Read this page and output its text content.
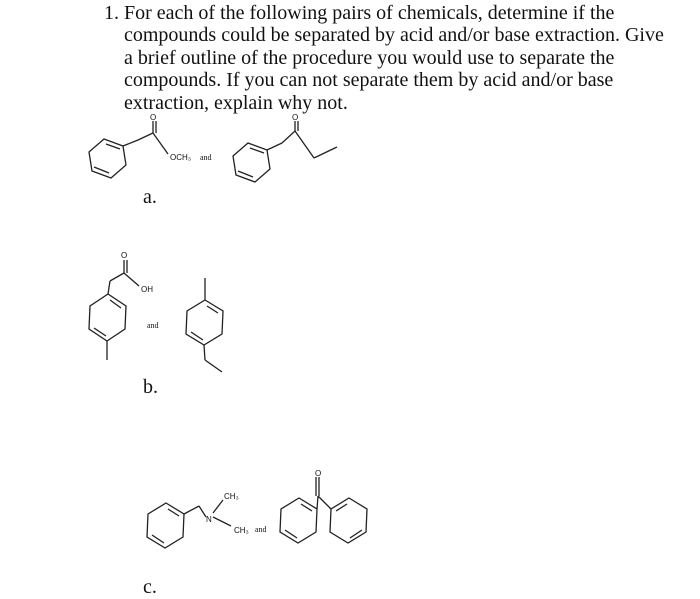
1. For each of the following pairs of chemicals, determine if the compounds could be separated by acid and/or base extraction. Give a brief outline of the procedure you would use to separate the compounds. If you can not separate them by acid and/or base extraction, explain why not.
O
OCH₃ and
O
a.
O
OH
and
b.
N
CH₃
CH₃ and
O
c.
